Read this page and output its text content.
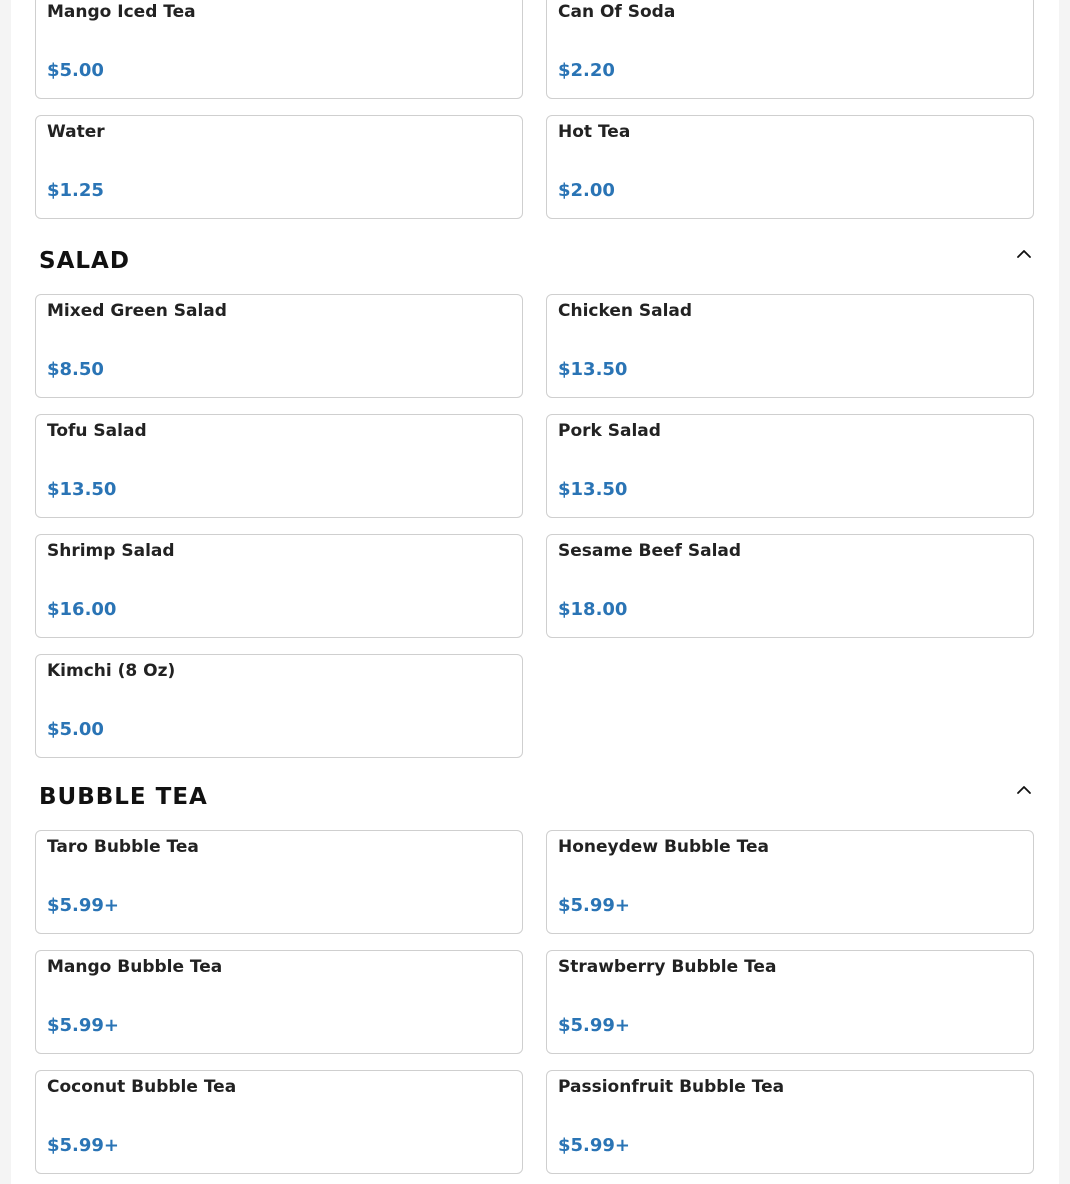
Mango Iced Tea
$5.00
Can Of Soda
$2.20
Water
$1.25
Hot Tea
$2.00
SALAD
Mixed Green Salad
$8.50
Chicken Salad
$13.50
Tofu Salad
$13.50
Pork Salad
$13.50
Shrimp Salad
$16.00
Sesame Beef Salad
$18.00
Kimchi (8 Oz)
$5.00
BUBBLE TEA
Taro Bubble Tea
$5.99+
Honeydew Bubble Tea
$5.99+
Mango Bubble Tea
$5.99+
Strawberry Bubble Tea
$5.99+
Coconut Bubble Tea
$5.99+
Passionfruit Bubble Tea
$5.99+
